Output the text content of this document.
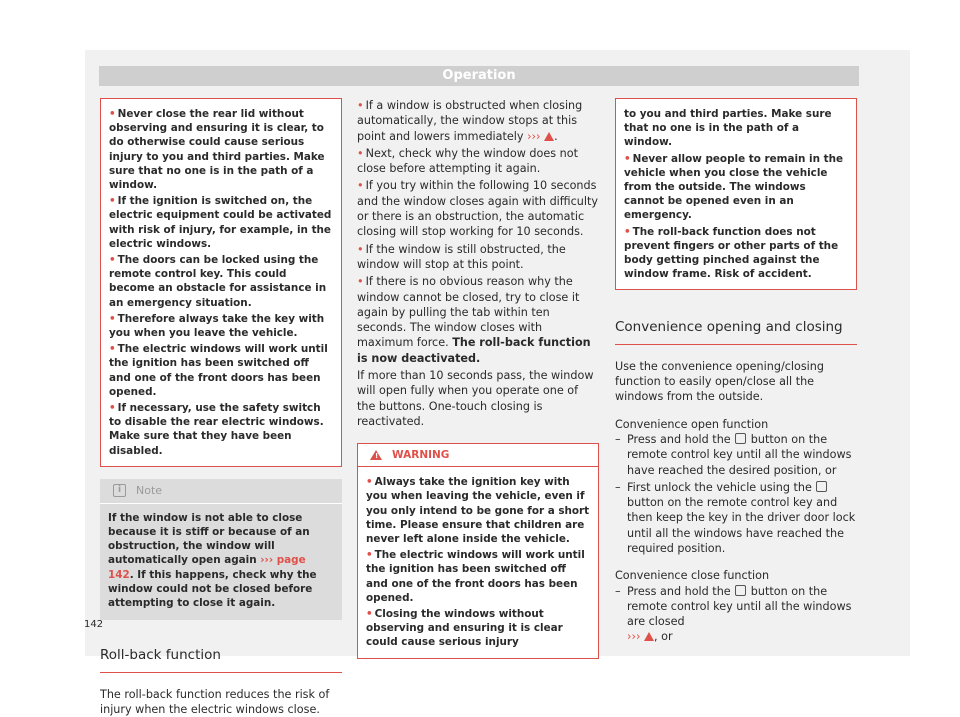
Operation

• Never close the rear lid without observing and ensuring it is clear, to do otherwise could cause serious injury to you and third parties. Make sure that no one is in the path of a window.

• If the ignition is switched on, the electric equipment could be activated with risk of injury, for example, in the electric windows.

• The doors can be locked using the remote control key. This could become an obstacle for assistance in an emergency situation.

• Therefore always take the key with you when you leave the vehicle.

• The electric windows will work until the ignition has been switched off and one of the front doors has been opened.

• If necessary, use the safety switch to disable the rear electric windows. Make sure that they have been disabled.

i	Note
If the window is not able to close because it is stiff or because of an obstruction, the window will automatically open again ››› page 142. If this happens, check why the window could not be closed before attempting to close it again.
Roll-back function
The roll-back function reduces the risk of injury when the electric windows close.

• If a window is obstructed when closing automatically, the window stops at this point and lowers immediately ››› .

• Next, check why the window does not close before attempting it again.

• If you try within the following 10 seconds and the window closes again with difficulty or there is an obstruction, the automatic closing will stop working for 10 seconds.

• If the window is still obstructed, the window will stop at this point.

• If there is no obvious reason why the window cannot be closed, try to close it again by pulling the tab within ten seconds. The window closes with maximum force. The roll-back function is now deactivated.

If more than 10 seconds pass, the window will open fully when you operate one of the buttons. One-touch closing is reactivated.

! WARNING

• Always take the ignition key with you when leaving the vehicle, even if you only intend to be gone for a short time. Please ensure that children are never left alone inside the vehicle.

• The electric windows will work until the ignition has been switched off and one of the front doors has been opened.

• Closing the windows without observing and ensuring it is clear could cause serious injury

to you and third parties. Make sure that no one is in the path of a window.

• Never allow people to remain in the vehicle when you close the vehicle from the outside. The windows cannot be opened even in an emergency.

• The roll-back function does not prevent fingers or other parts of the body getting pinched against the window frame. Risk of accident.

Convenience opening and closing
Use the convenience opening/closing function to easily open/close all the windows from the outside.
Convenience open function
– Press and hold the  button on the remote control key until all the windows have reached the desired position, or
– First unlock the vehicle using the  button on the remote control key and then keep the key in the driver door lock until all the windows have reached the required position.
Convenience close function
– Press and hold the  button on the remote control key until all the windows are closed
››› , or
142
